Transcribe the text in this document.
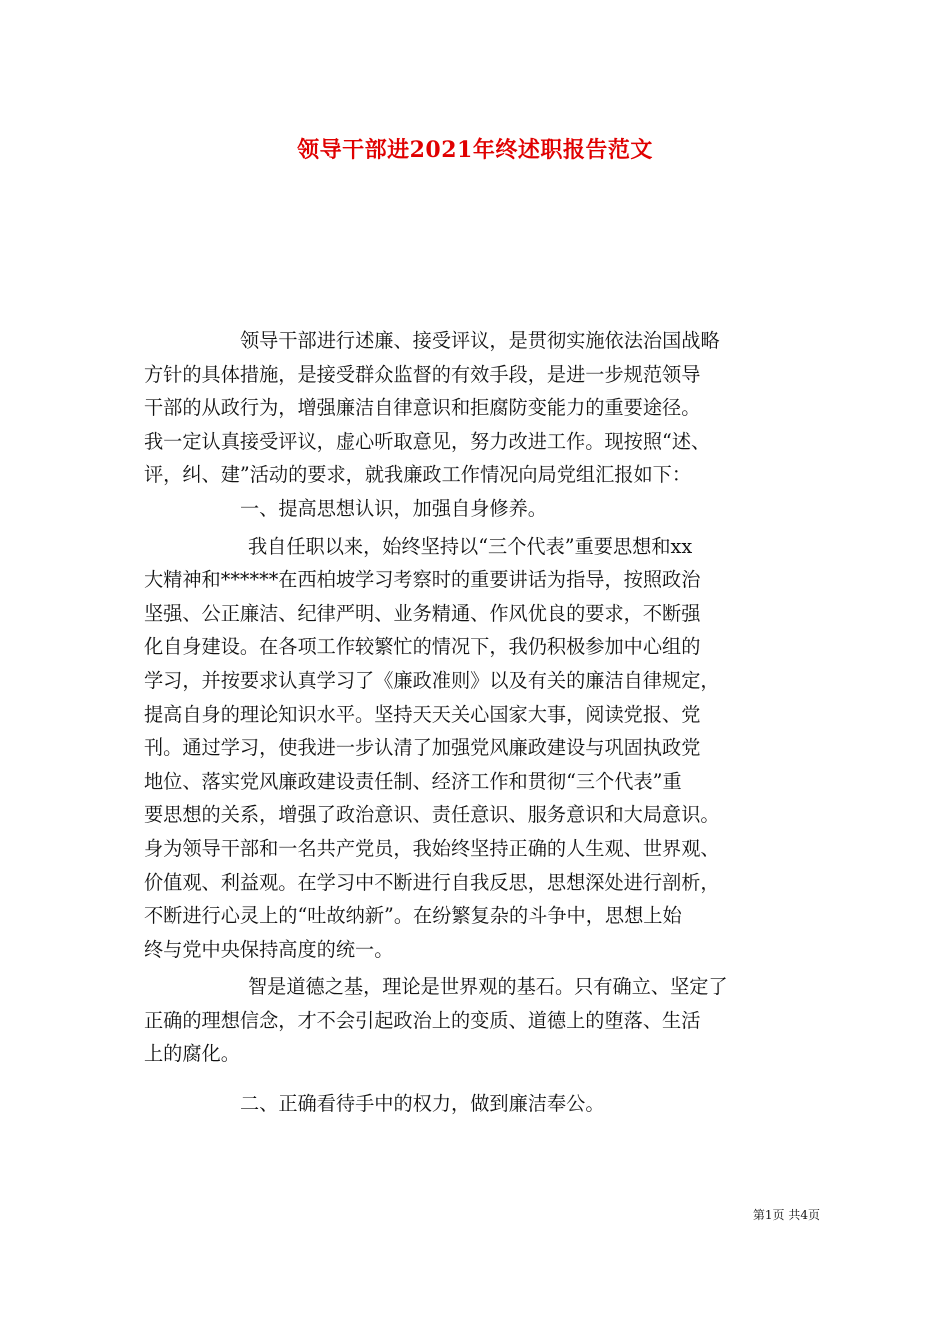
领导干部进2021年终述职报告范文
领导干部进行述廉、接受评议，是贯彻实施依法治国战略
方针的具体措施，是接受群众监督的有效手段，是进一步规范领导
干部的从政行为，增强廉洁自律意识和拒腐防变能力的重要途径。
我一定认真接受评议，虚心听取意见，努力改进工作。现按照“述、
评，纠、建”活动的要求，就我廉政工作情况向局党组汇报如下：
一、提高思想认识，加强自身修养。
我自任职以来，始终坚持以“三个代表”重要思想和xx
大精神和******在西柏坡学习考察时的重要讲话为指导，按照政治
坚强、公正廉洁、纪律严明、业务精通、作风优良的要求，不断强
化自身建设。在各项工作较繁忙的情况下，我仍积极参加中心组的
学习，并按要求认真学习了《廉政准则》以及有关的廉洁自律规定，
提高自身的理论知识水平。坚持天天关心国家大事，阅读党报、党
刊。通过学习，使我进一步认清了加强党风廉政建设与巩固执政党
地位、落实党风廉政建设责任制、经济工作和贯彻“三个代表”重
要思想的关系，增强了政治意识、责任意识、服务意识和大局意识。
身为领导干部和一名共产党员，我始终坚持正确的人生观、世界观、
价值观、利益观。在学习中不断进行自我反思，思想深处进行剖析，
不断进行心灵上的“吐故纳新”。在纷繁复杂的斗争中，思想上始
终与党中央保持高度的统一。
智是道德之基，理论是世界观的基石。只有确立、坚定了
正确的理想信念，才不会引起政治上的变质、道德上的堕落、生活
上的腐化。
二、正确看待手中的权力，做到廉洁奉公。
第1页 共4页
